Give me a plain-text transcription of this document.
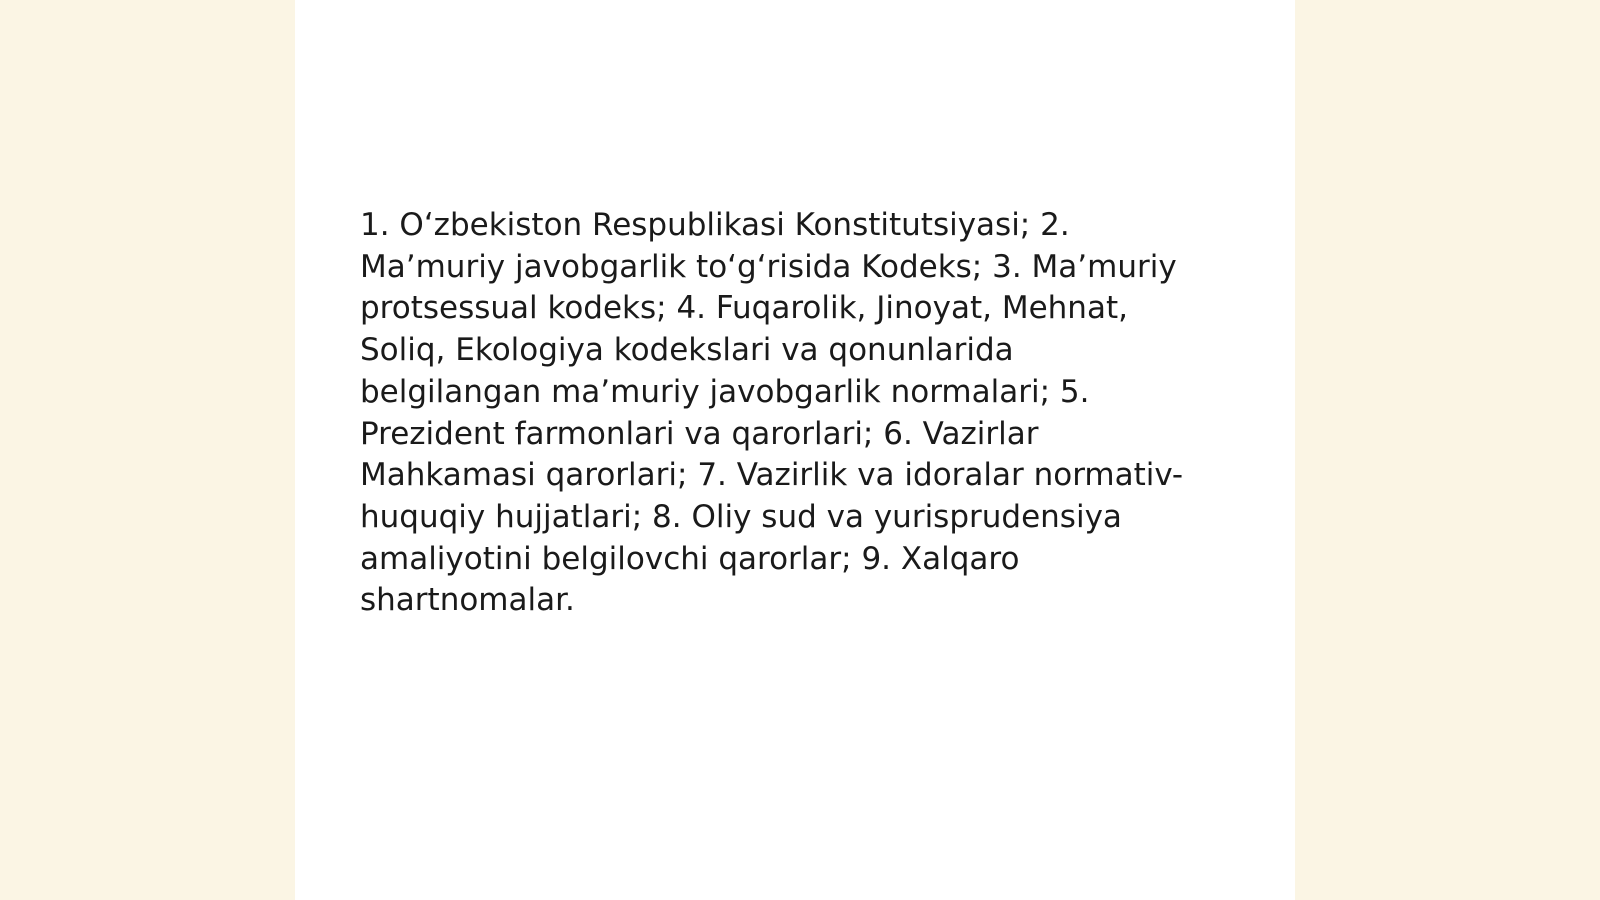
1. O‘zbekiston Respublikasi Konstitutsiyasi; 2.
Ma’muriy javobgarlik to‘g‘risida Kodeks; 3. Ma’muriy
protsessual kodeks; 4. Fuqarolik, Jinoyat, Mehnat,
Soliq, Ekologiya kodekslari va qonunlarida
belgilangan ma’muriy javobgarlik normalari; 5.
Prezident farmonlari va qarorlari; 6. Vazirlar
Mahkamasi qarorlari; 7. Vazirlik va idoralar normativ-
huquqiy hujjatlari; 8. Oliy sud va yurisprudensiya
amaliyotini belgilovchi qarorlar; 9. Xalqaro
shartnomalar.
